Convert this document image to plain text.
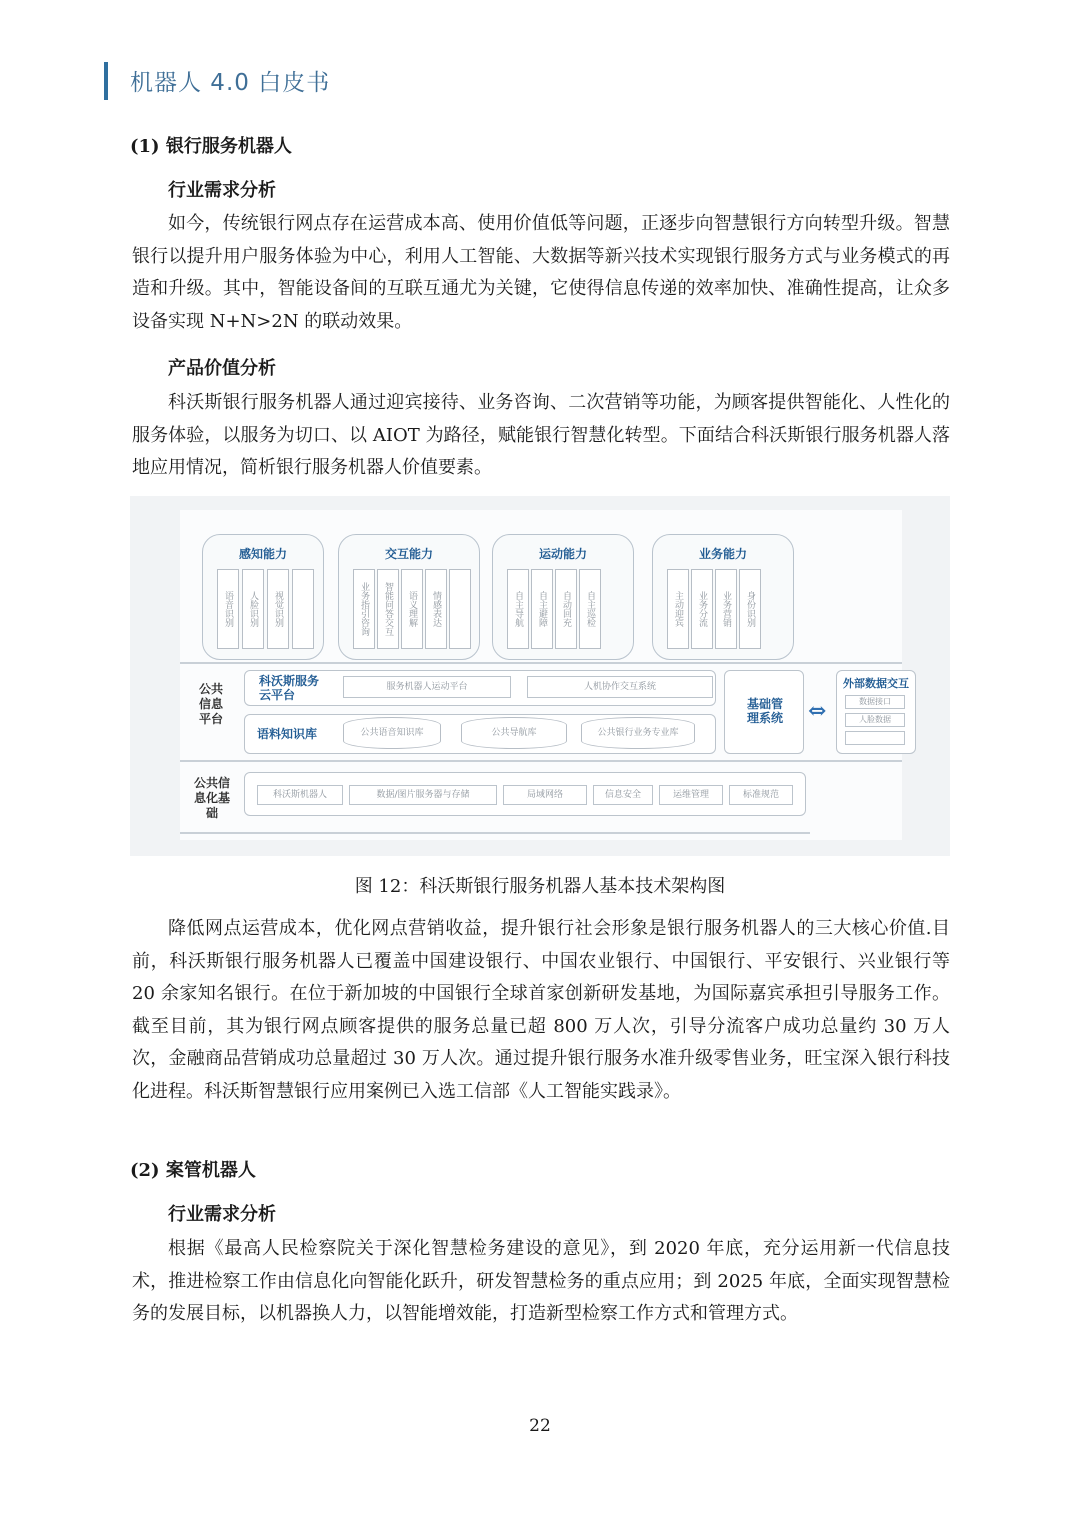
机器人 4.0 白皮书
(1) 银行服务机器人
行业需求分析

如今，传统银行网点存在运营成本高、使用价值低等问题，正逐步向智慧银行方向转型升级。智慧银行以提升用户服务体验为中心，利用人工智能、大数据等新兴技术实现银行服务方式与业务模式的再造和升级。其中，智能设备间的互联互通尤为关键，它使得信息传递的效率加快、准确性提高，让众多设备实现 N+N>2N 的联动效果。

产品价值分析

科沃斯银行服务机器人通过迎宾接待、业务咨询、二次营销等功能，为顾客提供智能化、人性化的服务体验，以服务为切口、以 AIOT 为路径，赋能银行智慧化转型。下面结合科沃斯银行服务机器人落地应用情况，简析银行服务机器人价值要素。

感知能力
语音识别	人脸识别	视觉识别
交互能力
业务指引咨询	智能问答交互	语义理解	情感表达
运动能力
自主导航	自主避障	自动回充	自主巡检
业务能力
主动迎宾	业务分流	业务营销	身份识别
公共信息平台
科沃斯服务云平台
服务机器人运动平台	人机协作交互系统
语料知识库	公共语音知识库	公共导航库	公共银行业务专业库
基础管理系统 ⇔
外部数据交互
数据接口
人脸数据
公共信息化基础
科沃斯机器人	数据/图片服务器与存储	局域网络	信息安全	运维管理	标准规范
图 12：科沃斯银行服务机器人基本技术架构图

降低网点运营成本，优化网点营销收益，提升银行社会形象是银行服务机器人的三大核心价值.目前，科沃斯银行服务机器人已覆盖中国建设银行、中国农业银行、中国银行、平安银行、兴业银行等 20 余家知名银行。在位于新加坡的中国银行全球首家创新研发基地，为国际嘉宾承担引导服务工作。截至目前，其为银行网点顾客提供的服务总量已超 800 万人次，引导分流客户成功总量约 30 万人次，金融商品营销成功总量超过 30 万人次。通过提升银行服务水准升级零售业务，旺宝深入银行科技化进程。科沃斯智慧银行应用案例已入选工信部《人工智能实践录》。

(2) 案管机器人
行业需求分析

根据《最高人民检察院关于深化智慧检务建设的意见》，到 2020 年底，充分运用新一代信息技术，推进检察工作由信息化向智能化跃升，研发智慧检务的重点应用；到 2025 年底，全面实现智慧检务的发展目标，以机器换人力，以智能增效能，打造新型检察工作方式和管理方式。

22
